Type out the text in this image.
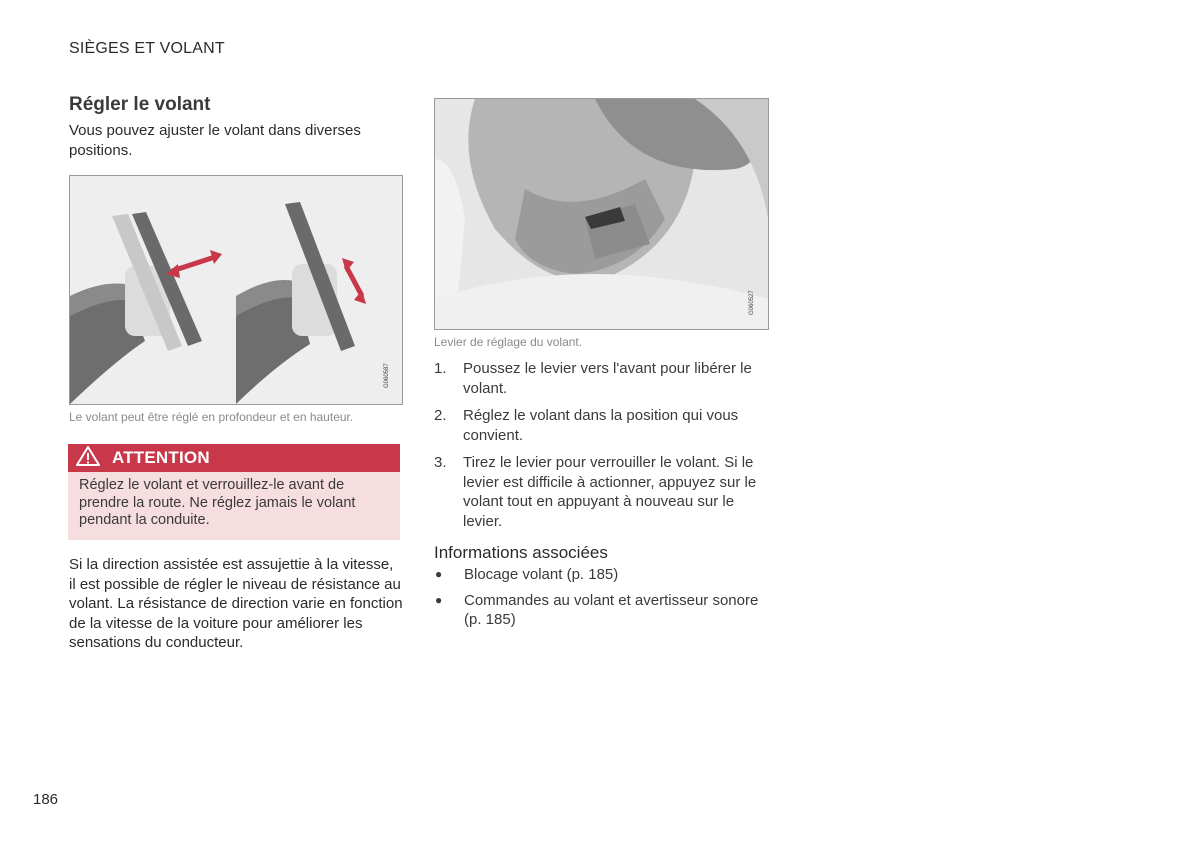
SIÈGES ET VOLANT
Régler le volant
Vous pouvez ajuster le volant dans diverses positions.
G060587
Le volant peut être réglé en profondeur et en hauteur.
ATTENTION
Réglez le volant et verrouillez-le avant de prendre la route. Ne réglez jamais le volant pendant la conduite.
Si la direction assistée est assujettie à la vitesse, il est possible de régler le niveau de résistance au volant. La résistance de direction varie en fonction de la vitesse de la voiture pour améliorer les sensations du conducteur.
G060527
Levier de réglage du volant.
1.	Poussez le levier vers l'avant pour libérer le volant.
2.	Réglez le volant dans la position qui vous convient.
3.	Tirez le levier pour verrouiller le volant. Si le levier est difficile à actionner, appuyez sur le volant tout en appuyant à nouveau sur le levier.
Informations associées
●	Blocage volant (p. 185)
●	Commandes au volant et avertisseur sonore (p. 185)
186
